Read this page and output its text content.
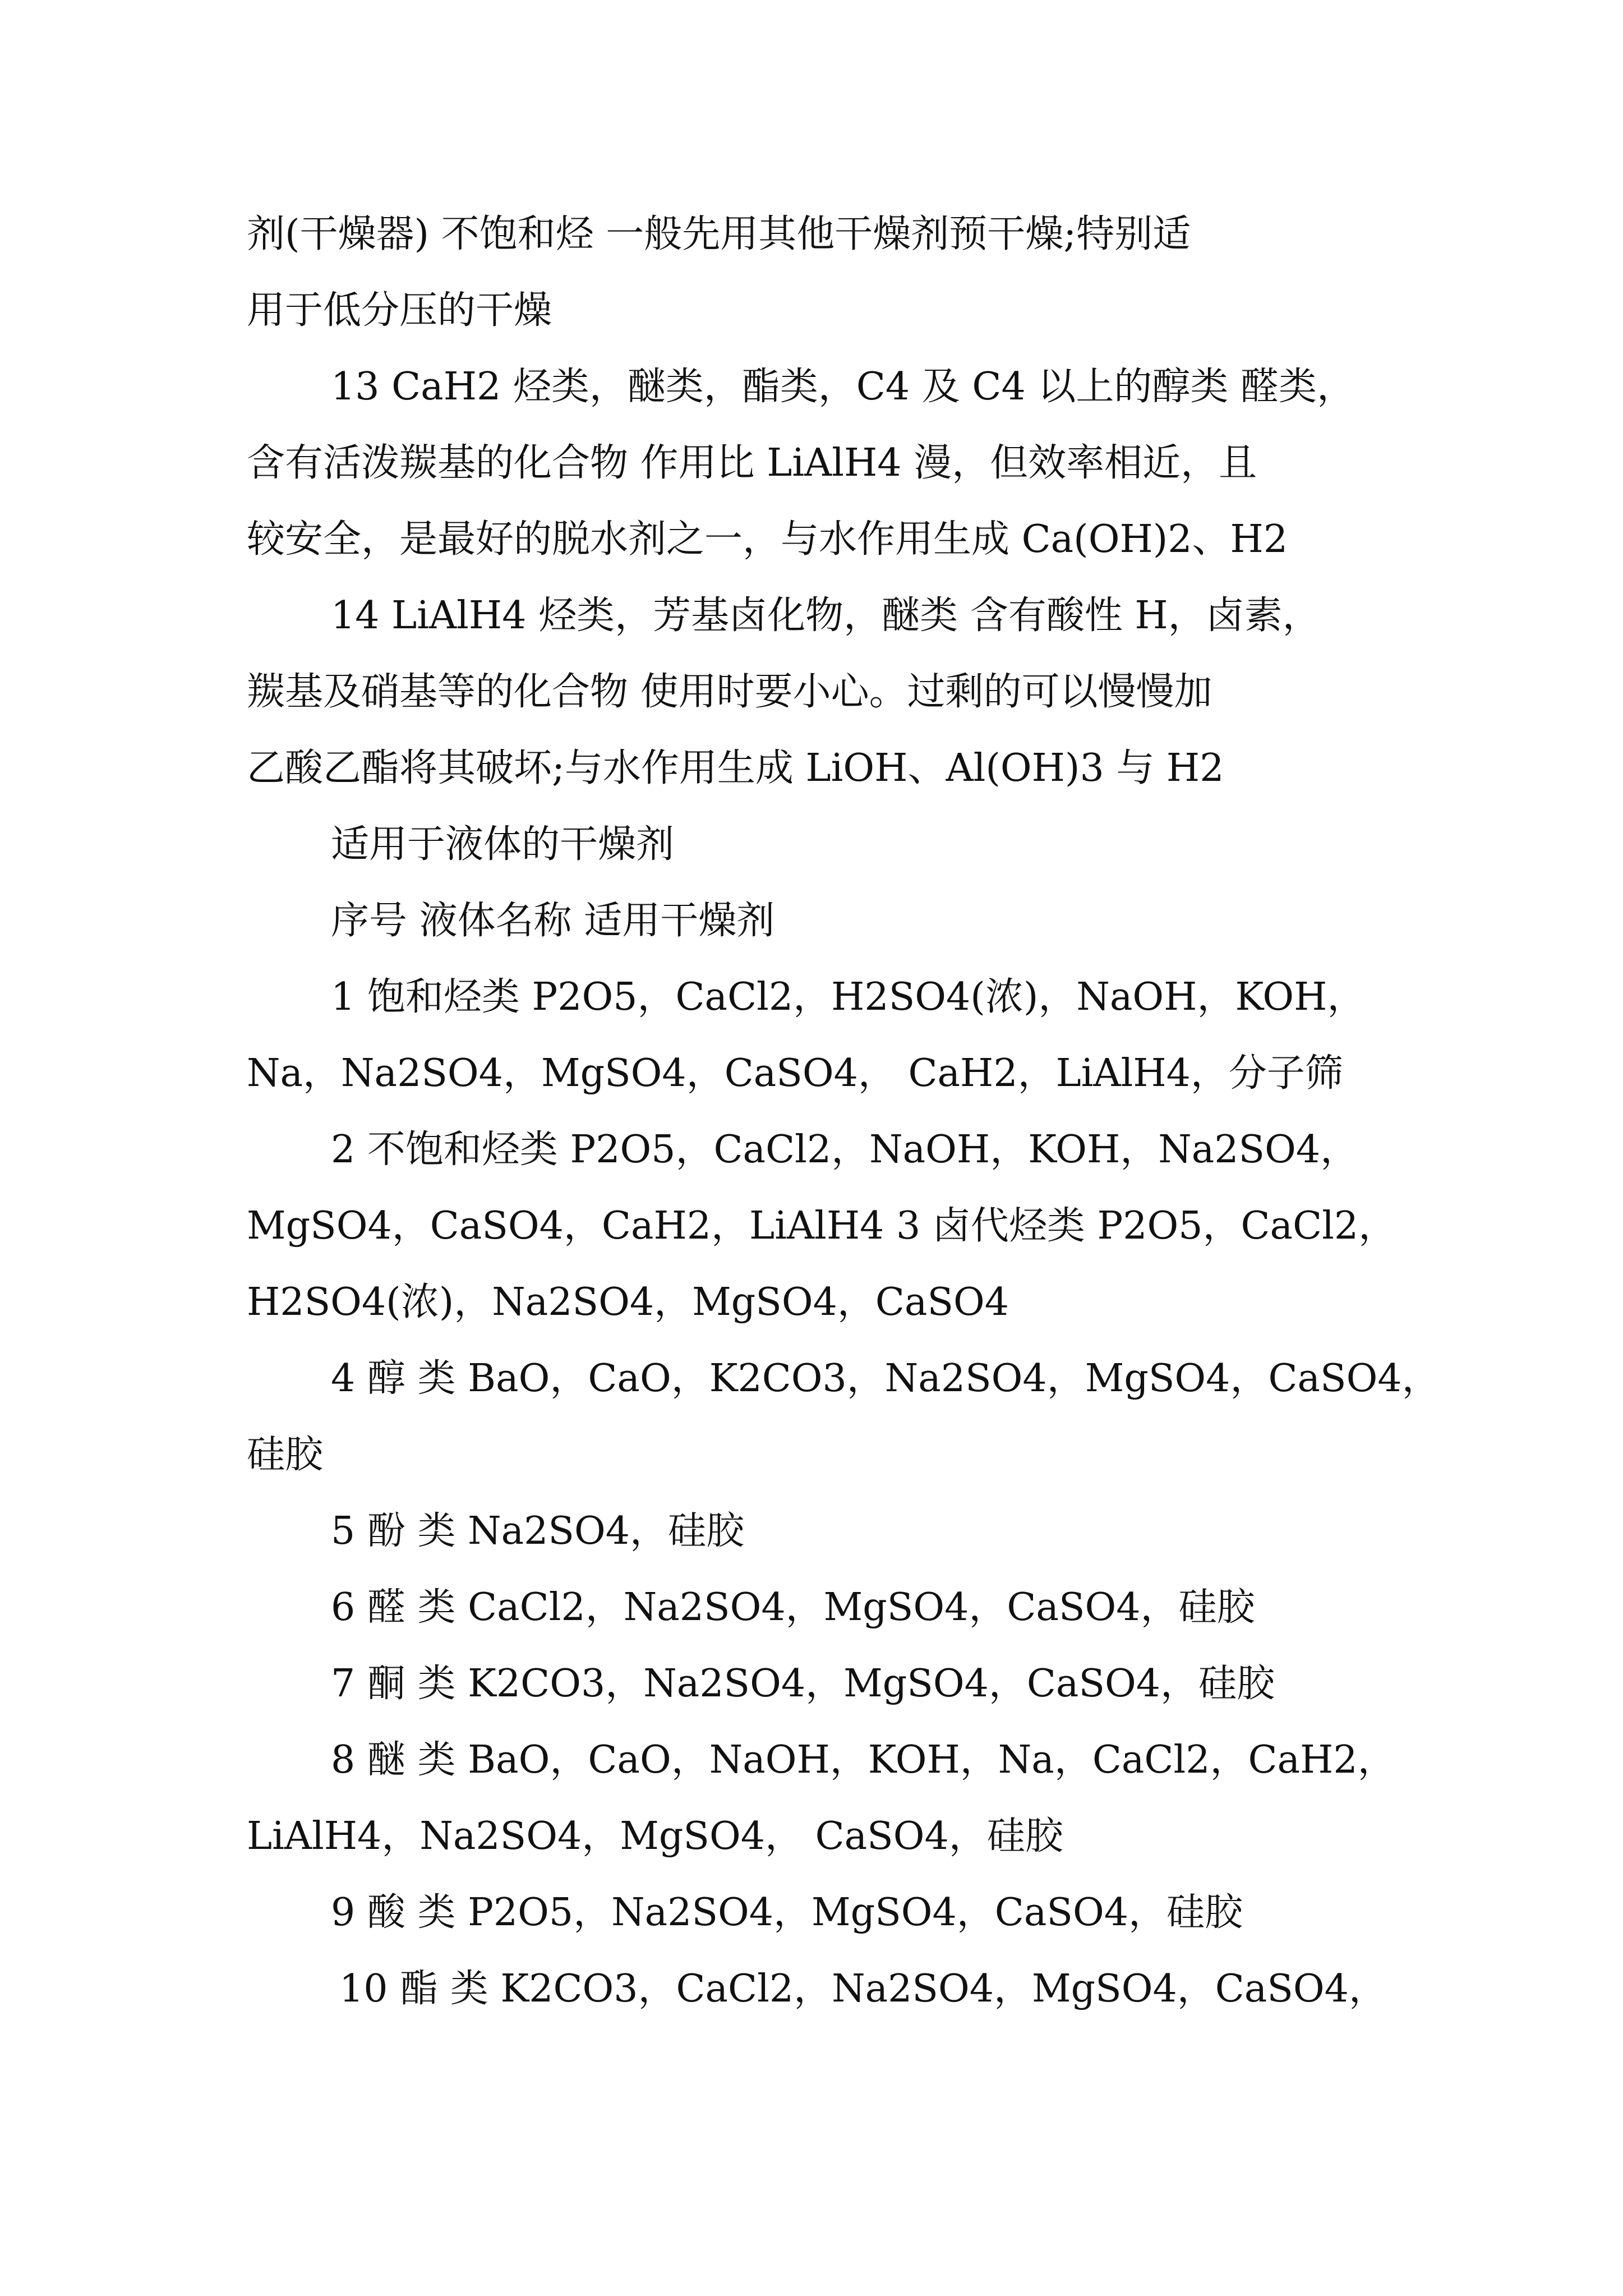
剂(干燥器) 不饱和烃 一般先用其他干燥剂预干燥;特别适
用于低分压的干燥
13 CaH2 烃类，醚类，酯类，C4 及 C4 以上的醇类 醛类，
含有活泼羰基的化合物 作用比 LiAlH4 漫，但效率相近，且
较安全，是最好的脱水剂之一，与水作用生成 Ca(OH)2、H2
14 LiAlH4 烃类，芳基卤化物，醚类 含有酸性 H，卤素，
羰基及硝基等的化合物 使用时要小心。过剩的可以慢慢加
乙酸乙酯将其破坏;与水作用生成 LiOH、Al(OH)3 与 H2
适用于液体的干燥剂
序号 液体名称 适用干燥剂
1 饱和烃类 P2O5，CaCl2，H2SO4(浓)，NaOH，KOH，
Na，Na2SO4，MgSO4，CaSO4， CaH2，LiAlH4，分子筛
2 不饱和烃类 P2O5，CaCl2，NaOH，KOH，Na2SO4，
MgSO4，CaSO4，CaH2，LiAlH4 3 卤代烃类 P2O5，CaCl2，
H2SO4(浓)，Na2SO4，MgSO4，CaSO4
4 醇 类 BaO，CaO，K2CO3，Na2SO4，MgSO4，CaSO4，
硅胶
5 酚 类 Na2SO4，硅胶
6 醛 类 CaCl2，Na2SO4，MgSO4，CaSO4，硅胶
7 酮 类 K2CO3，Na2SO4，MgSO4，CaSO4，硅胶
8 醚 类 BaO，CaO，NaOH，KOH，Na，CaCl2，CaH2，
LiAlH4，Na2SO4，MgSO4， CaSO4，硅胶
9 酸 类 P2O5，Na2SO4，MgSO4，CaSO4，硅胶
10 酯 类 K2CO3，CaCl2，Na2SO4，MgSO4，CaSO4，
